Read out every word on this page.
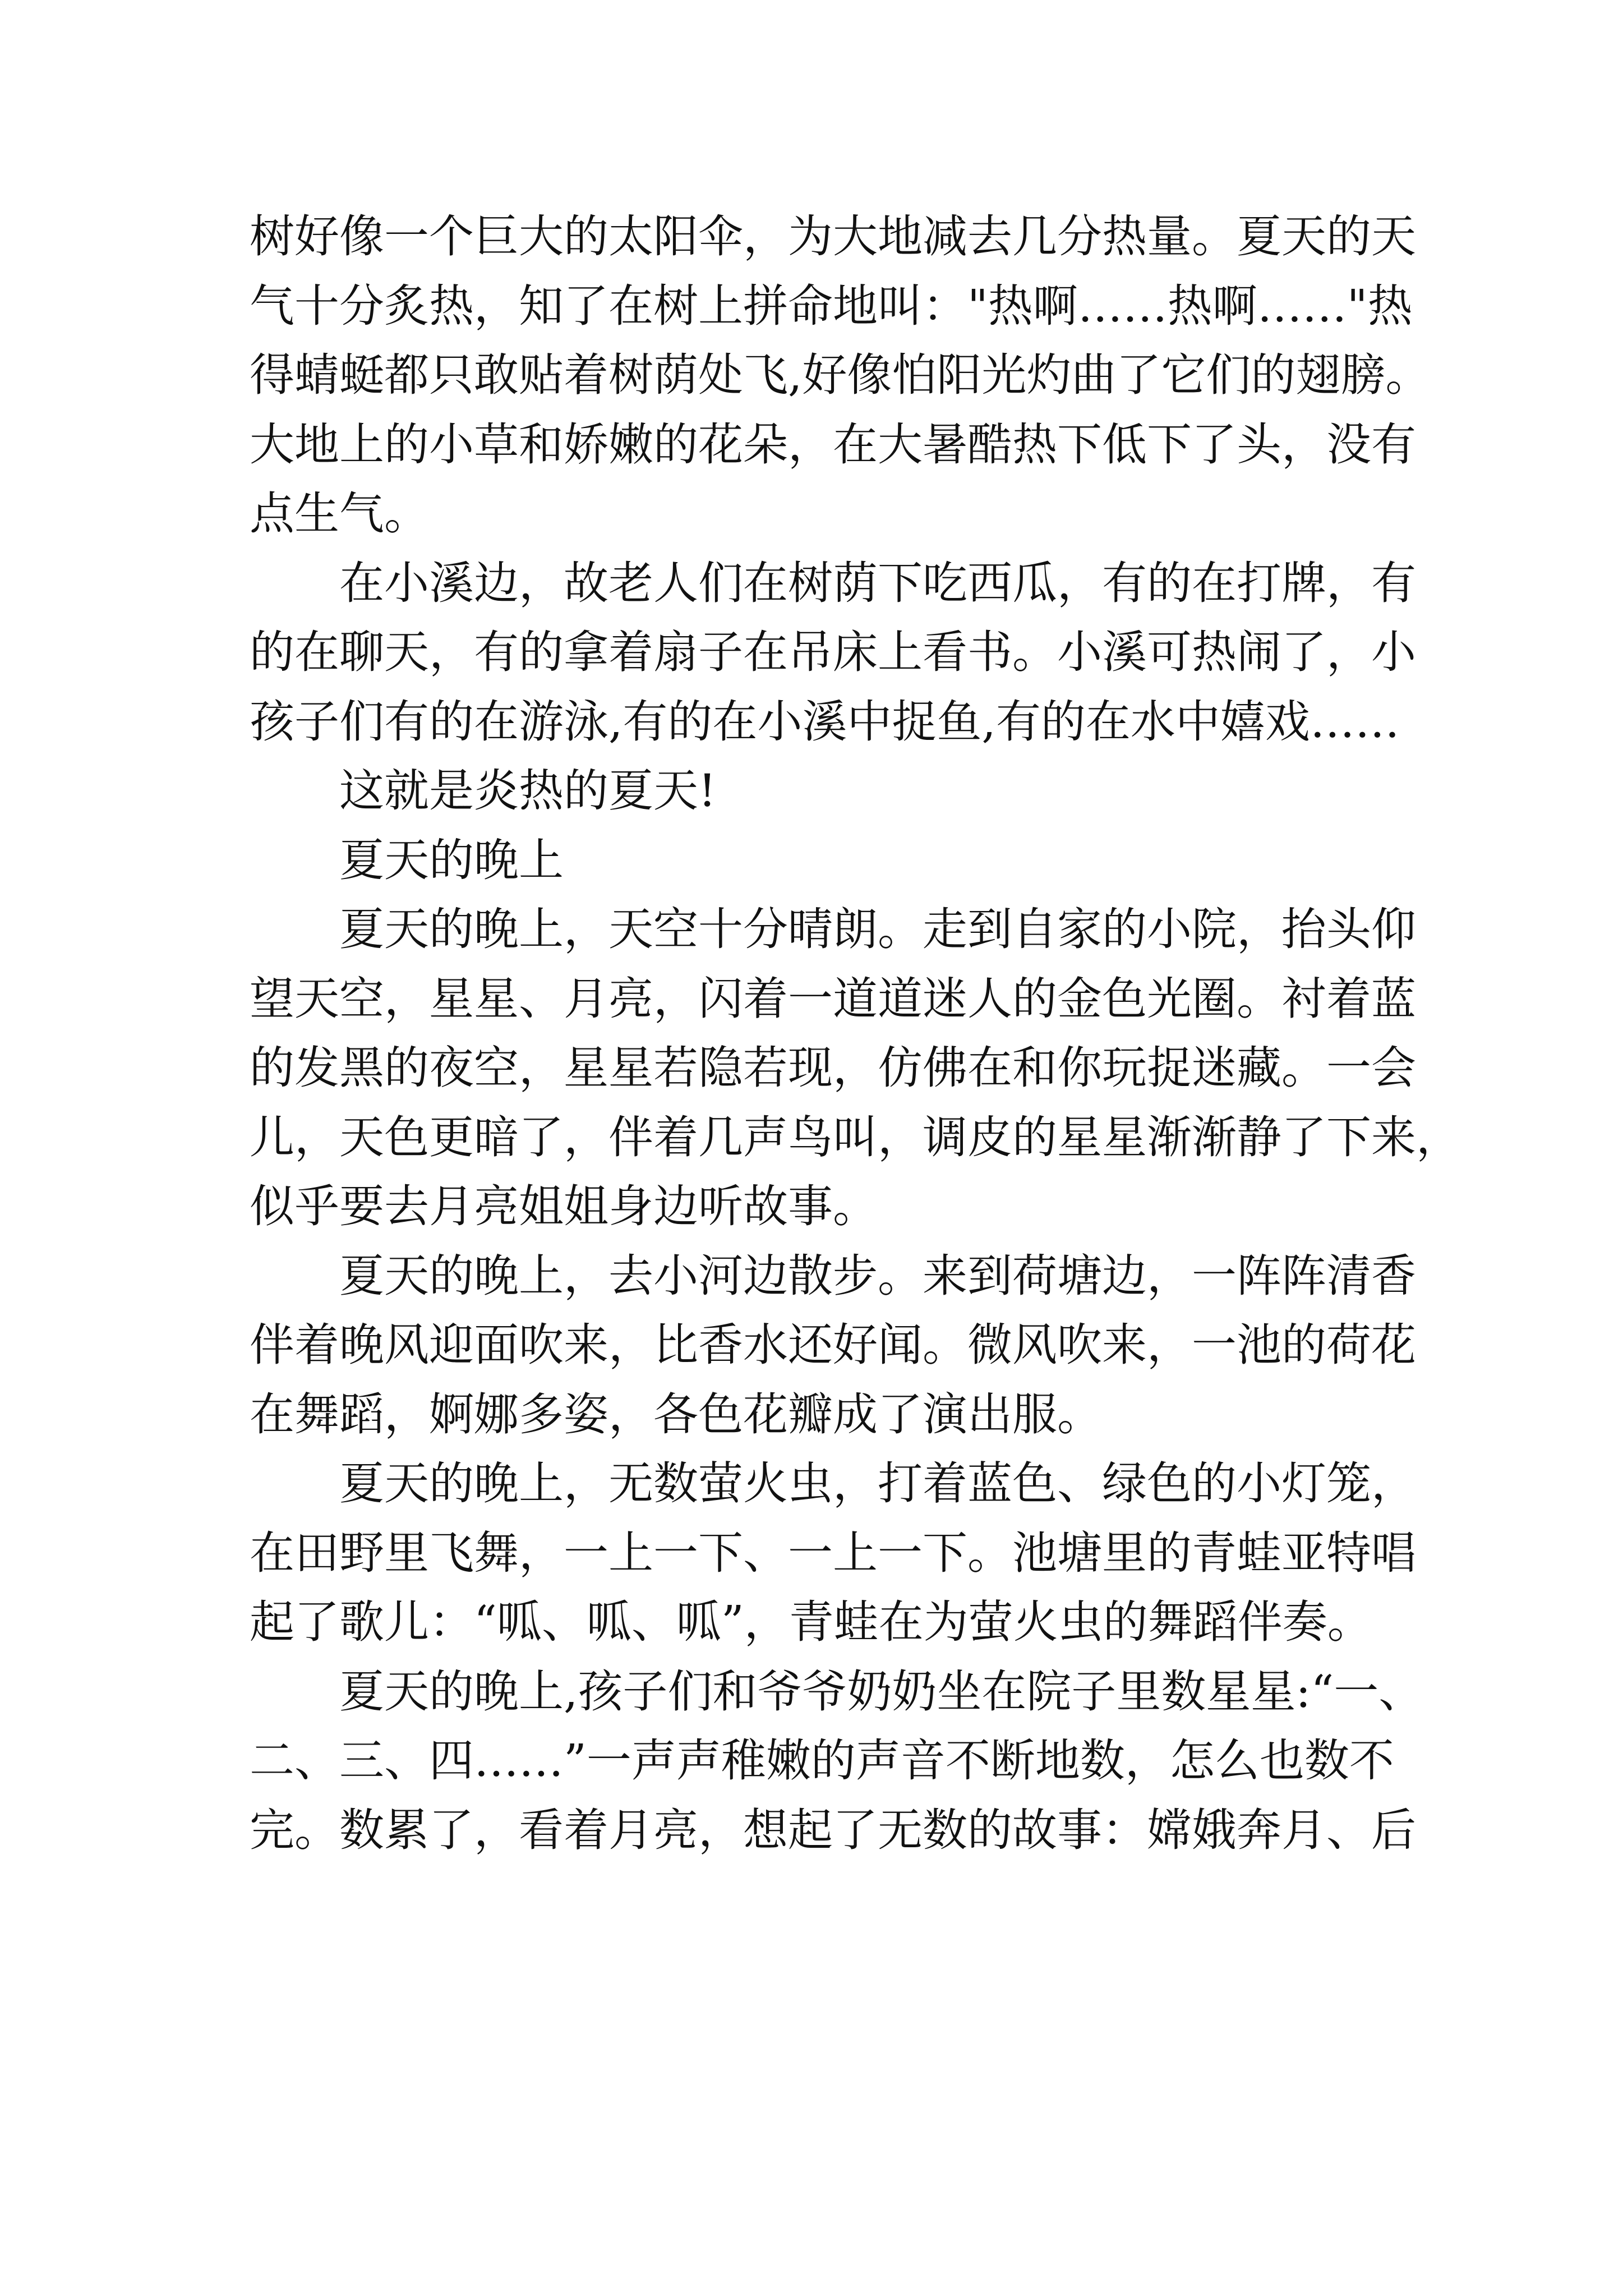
树好像一个巨大的太阳伞，为大地减去几分热量。夏天的天
气十分炙热，知了在树上拼命地叫："热啊……热啊……"热
得蜻蜓都只敢贴着树荫处飞,好像怕阳光灼曲了它们的翅膀。
大地上的小草和娇嫩的花朵，在大暑酷热下低下了头，没有
点生气。
在小溪边，故老人们在树荫下吃西瓜，有的在打牌，有
的在聊天，有的拿着扇子在吊床上看书。小溪可热闹了，小
孩子们有的在游泳,有的在小溪中捉鱼,有的在水中嬉戏……
这就是炎热的夏天!
夏天的晚上
夏天的晚上，天空十分晴朗。走到自家的小院，抬头仰
望天空，星星、月亮，闪着一道道迷人的金色光圈。衬着蓝
的发黑的夜空，星星若隐若现，仿佛在和你玩捉迷藏。一会
儿，天色更暗了，伴着几声鸟叫，调皮的星星渐渐静了下来，
似乎要去月亮姐姐身边听故事。
夏天的晚上，去小河边散步。来到荷塘边，一阵阵清香
伴着晚风迎面吹来，比香水还好闻。微风吹来，一池的荷花
在舞蹈，婀娜多姿，各色花瓣成了演出服。
夏天的晚上，无数萤火虫，打着蓝色、绿色的小灯笼，
在田野里飞舞，一上一下、一上一下。池塘里的青蛙亚特唱
起了歌儿：“呱、呱、呱”，青蛙在为萤火虫的舞蹈伴奏。
夏天的晚上,孩子们和爷爷奶奶坐在院子里数星星:“一、
二、三、四……”一声声稚嫩的声音不断地数，怎么也数不
完。数累了，看着月亮，想起了无数的故事：嫦娥奔月、后
